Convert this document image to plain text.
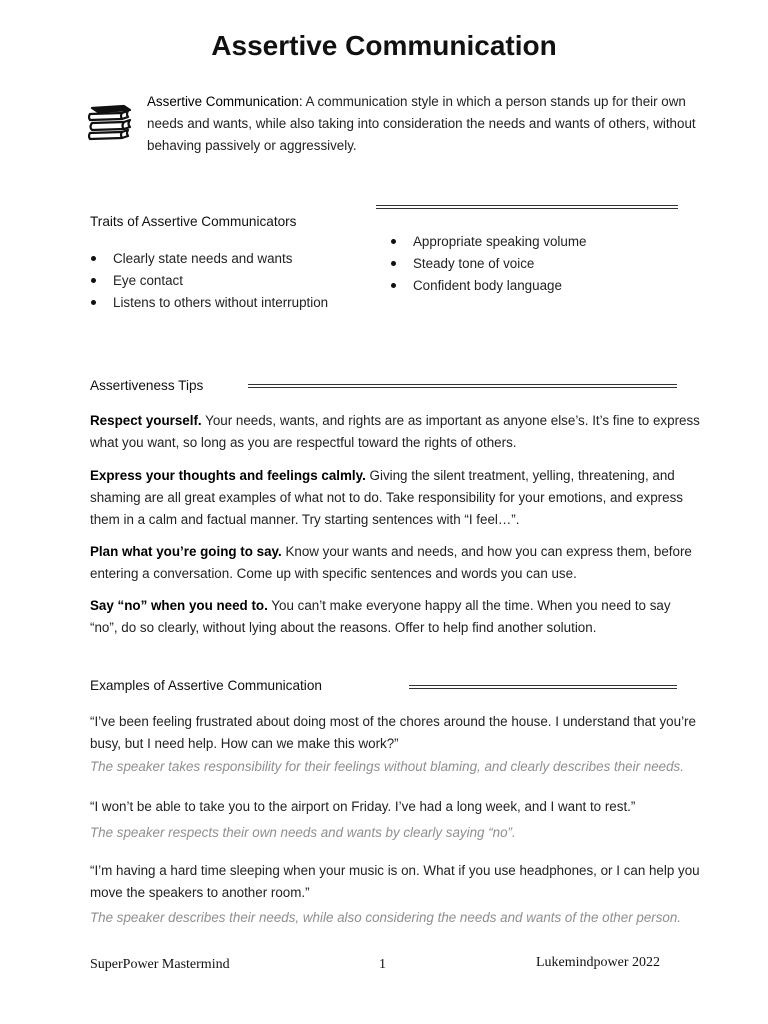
Assertive Communication

Assertive Communication: A communication style in which a person stands up for their own needs and wants, while also taking into consideration the needs and wants of others, without behaving passively or aggressively.

Traits of Assertive Communicators
Clearly state needs and wants
Eye contact
Listens to others without interruption
Appropriate speaking volume
Steady tone of voice
Confident body language
Assertiveness Tips

Respect yourself. Your needs, wants, and rights are as important as anyone else’s. It’s fine to express what you want, so long as you are respectful toward the rights of others.

Express your thoughts and feelings calmly. Giving the silent treatment, yelling, threatening, and shaming are all great examples of what not to do. Take responsibility for your emotions, and express them in a calm and factual manner. Try starting sentences with “I feel…”.

Plan what you’re going to say. Know your wants and needs, and how you can express them, before entering a conversation. Come up with specific sentences and words you can use.

Say “no” when you need to. You can’t make everyone happy all the time. When you need to say “no”, do so clearly, without lying about the reasons. Offer to help find another solution.

Examples of Assertive Communication

“I’ve been feeling frustrated about doing most of the chores around the house. I understand that you’re busy, but I need help. How can we make this work?”

The speaker takes responsibility for their feelings without blaming, and clearly describes their needs.

“I won’t be able to take you to the airport on Friday. I’ve had a long week, and I want to rest.”

The speaker respects their own needs and wants by clearly saying “no”.

“I’m having a hard time sleeping when your music is on. What if you use headphones, or I can help you move the speakers to another room.”

The speaker describes their needs, while also considering the needs and wants of the other person.

SuperPower Mastermind	1	Lukemindpower 2022
